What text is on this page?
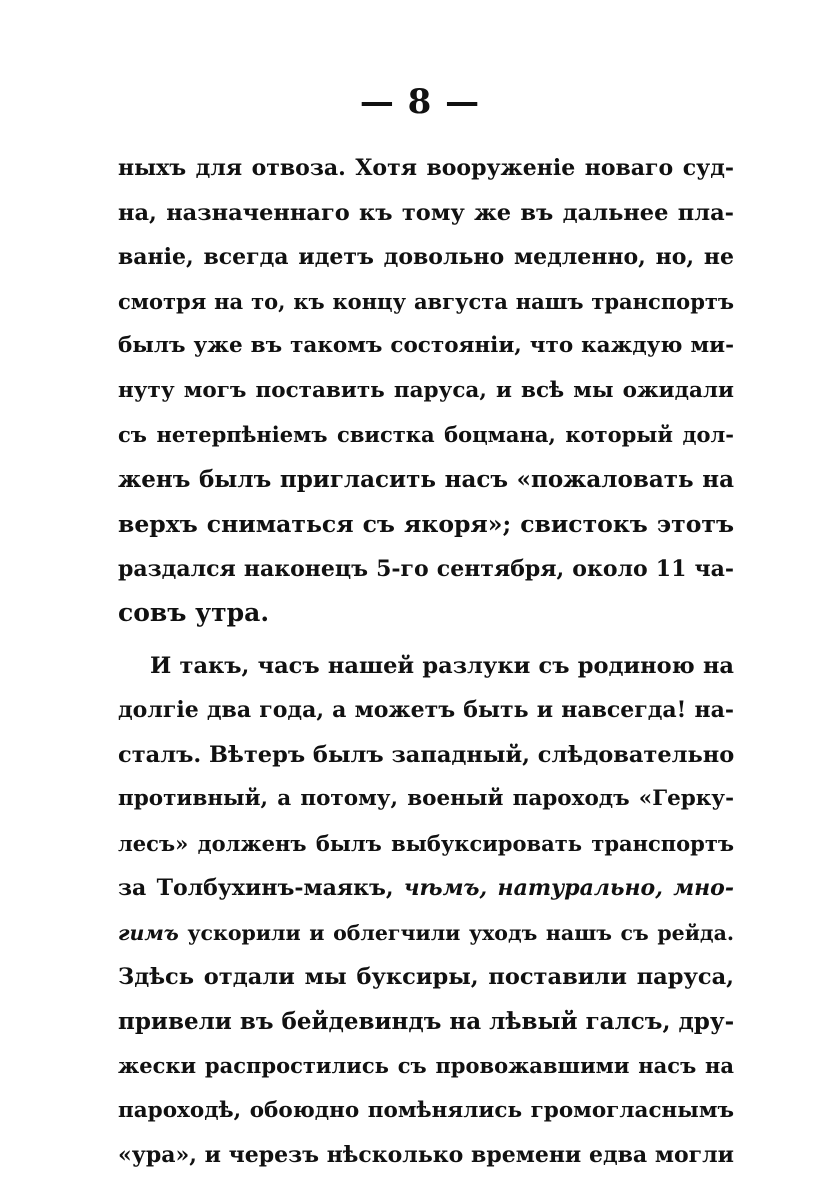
— 8 —
ныхъ для отвоза. Хотя вооруженіе новаго суд-
на, назначеннаго къ тому же въ дальнее пла-
ваніе, всегда идетъ довольно медленно, но, не
смотря на то, къ концу августа нашъ транспортъ
былъ уже въ такомъ состояніи, что каждую ми-
нуту могъ поставить паруса, и всѣ мы ожидали
съ нетерпѣніемъ свистка боцмана, который дол-
женъ былъ пригласить насъ «пожаловать на
верхъ сниматься съ якоря»; свистокъ этотъ
раздался наконецъ 5-го сентября, около 11 ча-
совъ утра.
И такъ, часъ нашей разлуки съ родиною на
долгіе два года, а можетъ быть и навсегда! на-
сталъ. Вѣтеръ былъ западный, слѣдовательно
противный, а потому, военый пароходъ «Герку-
лесъ» долженъ былъ выбуксировать транспортъ
за Толбухинъ-маякъ, чѣмъ, натурально, мно-
гимъ ускорили и облегчили уходъ нашъ съ рейда.
Здѣсь отдали мы буксиры, поставили паруса,
привели въ бейдевиндъ на лѣвый галсъ, дру-
жески распростились съ провожавшими насъ на
пароходѣ, обоюдно помѣнялись громогласнымъ
«ура», и черезъ нѣсколько времени едва могли
